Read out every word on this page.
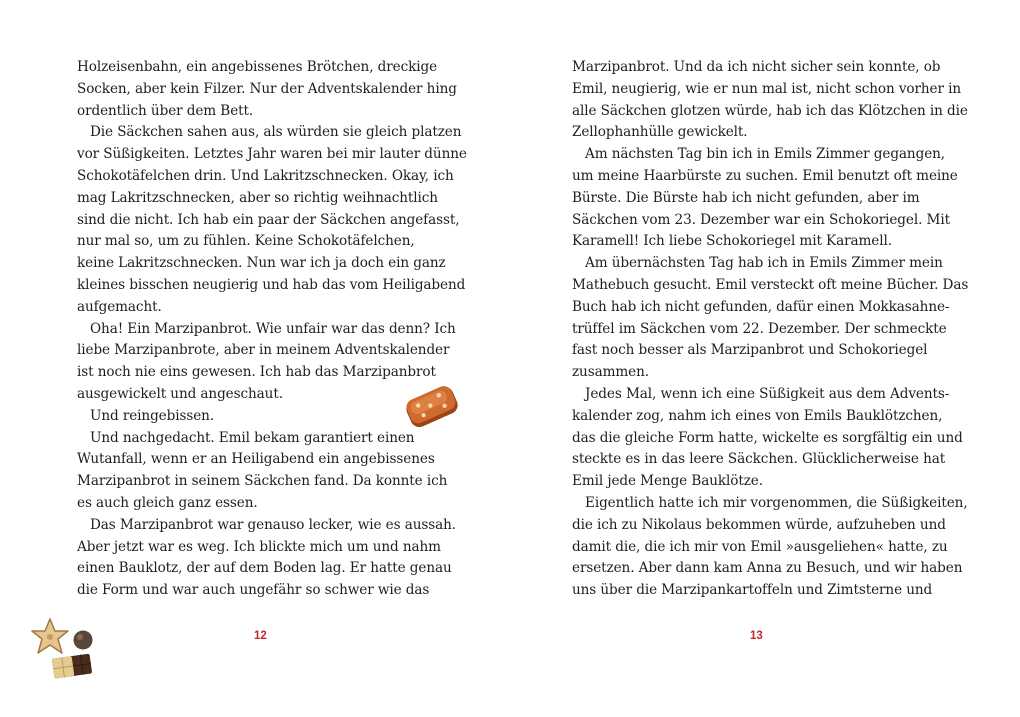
Holzeisenbahn, ein angebissenes Brötchen, dreckige
Socken, aber kein Filzer. Nur der Adventskalender hing
ordentlich über dem Bett.
Die Säckchen sahen aus, als würden sie gleich platzen
vor Süßigkeiten. Letztes Jahr waren bei mir lauter dünne
Schokotäfelchen drin. Und Lakritzschnecken. Okay, ich
mag Lakritzschnecken, aber so richtig weihnachtlich
sind die nicht. Ich hab ein paar der Säckchen angefasst,
nur mal so, um zu fühlen. Keine Schokotäfelchen,
keine Lakritzschnecken. Nun war ich ja doch ein ganz
kleines bisschen neugierig und hab das vom Heiligabend
aufgemacht.
Oha! Ein Marzipanbrot. Wie unfair war das denn? Ich
liebe Marzipanbrote, aber in meinem Adventskalender
ist noch nie eins gewesen. Ich hab das Marzipanbrot
ausgewickelt und angeschaut.
Und reingebissen.
Und nachgedacht. Emil bekam garantiert einen
Wutanfall, wenn er an Heiligabend ein angebissenes
Marzipanbrot in seinem Säckchen fand. Da konnte ich
es auch gleich ganz essen.
Das Marzipanbrot war genauso lecker, wie es aussah.
Aber jetzt war es weg. Ich blickte mich um und nahm
einen Bauklotz, der auf dem Boden lag. Er hatte genau
die Form und war auch ungefähr so schwer wie das
12
Marzipanbrot. Und da ich nicht sicher sein konnte, ob
Emil, neugierig, wie er nun mal ist, nicht schon vorher in
alle Säckchen glotzen würde, hab ich das Klötzchen in die
Zellophanhülle gewickelt.
Am nächsten Tag bin ich in Emils Zimmer gegangen,
um meine Haarbürste zu suchen. Emil benutzt oft meine
Bürste. Die Bürste hab ich nicht gefunden, aber im
Säckchen vom 23. Dezember war ein Schokoriegel. Mit
Karamell! Ich liebe Schokoriegel mit Karamell.
Am übernächsten Tag hab ich in Emils Zimmer mein
Mathebuch gesucht. Emil versteckt oft meine Bücher. Das
Buch hab ich nicht gefunden, dafür einen Mokkasahne-
trüffel im Säckchen vom 22. Dezember. Der schmeckte
fast noch besser als Marzipanbrot und Schokoriegel
zusammen.
Jedes Mal, wenn ich eine Süßigkeit aus dem Advents-
kalender zog, nahm ich eines von Emils Bauklötzchen,
das die gleiche Form hatte, wickelte es sorgfältig ein und
steckte es in das leere Säckchen. Glücklicherweise hat
Emil jede Menge Bauklötze.
Eigentlich hatte ich mir vorgenommen, die Süßigkeiten,
die ich zu Nikolaus bekommen würde, aufzuheben und
damit die, die ich mir von Emil »ausgeliehen« hatte, zu
ersetzen. Aber dann kam Anna zu Besuch, und wir haben
uns über die Marzipankartoffeln und Zimtsterne und
13
